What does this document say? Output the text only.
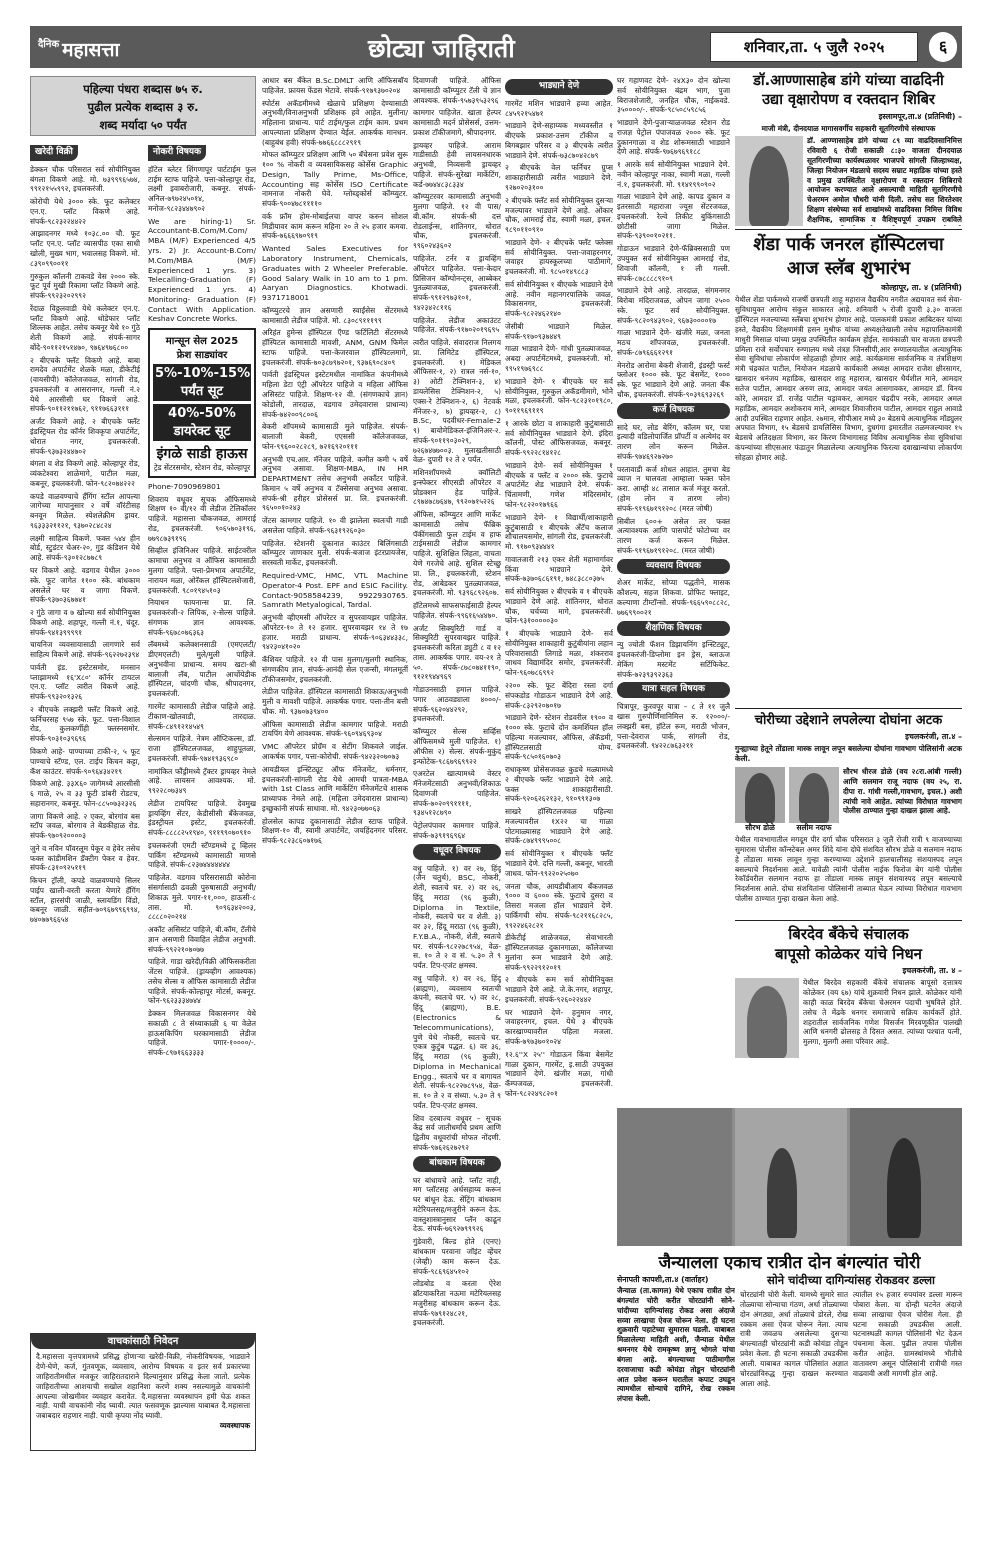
$^{दैनिक}$ महासत्ता	छोट्या जाहिराती	शनिवार,ता. ५ जुलै २०२५	६
पहिल्या पंधरा शब्दास ७५ रु.
पुढील प्रत्येक शब्दास ३ रु.
शब्द मर्यादा ५० पर्यंत
खरेदी विक्री
डेक्कन चौक परिसरात सर्व सोयीनियुक्त बंगला विकणे आहे. मो. ७३९९९६५७४, ९९१२१५५९९२, इचलकरंजी.
कोरोची येथे ३००० स्के. फूट कलेक्टर एन.ए. प्लॉट विकणे आहे. संपर्क-९८२३२२४४२२
आझादनगर मध्ये १०३८.०० चौ. फूट प्लॉट एन.ए. प्लॉट व्यासपीठ एका साधी खोली, मुख्य भाग, भवालसह विकणे. मो. ८३९०९९००११
गुरुकुल कॉलनी टाकवडे वेस २००० स्के. फूट पूर्व मुखी रिकामा प्लॉट विकणे आहे. संपर्क-९९२३२०२९९२
रेंदाळ विठ्ठलवाडी येथे कलेक्टर एन.ए. प्लॉट विकणे आहे. थोडेफार प्लॉट शिल्लक आहेत. तसेच कबनूर येथे १० गुंठे शेती विकणे आहे. संपर्क-सागर बोंदे-९०११२१५१४७०, ९७६४९७६८००
२ बीएचके फ्लॅट विकणे आहे. बाबा रामदेव अपार्टमेंट शेळके मळा, डीकेटीई (वायसीपी) कॉलेजजवळ, सांगली रोड, इचलकरंजी व आसरानगर, गल्ली नं.२ येथे आरसीसी घर विकणे आहे. संपर्क-९०११२११७६२, ९११७६६३१११
अर्जंट विकणे आहे. २ बीएचके फ्लॅट इंडस्ट्रियल रोड कॉर्नर शिवकृपा अपार्टमेंट, थोरात नगर, इचलकरंजी. संपर्क-९३७३२४४७०२
बंगला व शेड विकणे आहे. कोल्हापूर रोड, व्यंकटेश्वरा शाळेमागे, पाटील मळा, कबनूर, इचलकरंजी. फोन-९८२०७४२२२
कपडे वाळवण्याचे हँगिंग स्टॉल आपल्या जागेच्या मापानुसार २ वर्षे वॉरंटीसह बनवून मिळेल. स्पेशलेक्रीम ड्रायर. ९६३३३२११२१, ९३७०२८४८२४
लक्ष्मी साहित्य विकणे. फक्त ५४४ हीन बोर्ड, स्टुडंटर चेअर-२०, गुड कंडिशन येथे आहे. संपर्क-९३०१२८७७८९
घर विकणे आहे. वडगाव येथील ३००० स्के. फूट जागेत ११०० स्के. बांधकाम असलेले घर व जागा विकणे. संपर्क-९३७०३६७७४१
२ गुंठे जागा व ७ खोल्या सर्व सोयीनियुक्त विकणे आहे. शहापूर, गल्ली नं.१, चंदूर. संपर्क-९४१३९९९९१
चायनिज व्यवसायासाठी लागणारे सर्व साहित्य विकणे आहे. संपर्क-९६२२७२३९४
पार्वती इंड. इस्टेटसमोर, मनसान प्लाझामध्ये १६'X८०' कॉर्नर टायटल एन.ए. प्लॉट त्वरीत विकणे आहे. संपर्क-९९३२०१३२६
२ बीएचके लक्झरी फ्लॅट विकणे आहे. फर्निचरसह ९५७ स्के. फूट. पत्ता-विशाल रोड, कुलकर्णीही फ्लस्नसमोर. संपर्क-९०३१०३९६९६
विकणे आहे- पाण्याच्या टाकी-२, ५ फूट पाण्याचे स्टॅण्ड, एल. टाईप किचन कट्टा, कॅश काउंटर. संपर्क-९०९६४३४२१९
विकणे आहे. ३३X६० जागेमध्ये आरसीसी ६ गाळे, २५ व ३३ फूटी डांबरी रोडटच, सहारानगर, कबनूर. फोन-८८५०७३२३२६
जागा विकणे आहे. २ एकर, बोरगांव बस स्टॉप जवळ, बोरगाव ते बेडकीहाळ रोड. संपर्क-९७०९२००००३
जुने व नविन पॉवरलूम पेकूर व हेवेर तसेच फक्त कांडीमशिन डॅक्टीग पेकर व हेवर. संपर्क-८३१०९२५११९
किचन ट्रॉली, कपडे वाळवण्याचे सिलर पाईप खाली-वरती करता येणारे हॅगिंग स्टॉल, हारसंपी जाळी, स्लायडिंग विंडो, कबनूर जाळी. सहीत-७०९६७९९६९९४, ७४०७७९६६५४
नोकरी विषयक
हॉटेल ब्लेटर शिंगणापूर पार्टटाईम फुल टाईम स्टाफ पाहिजे. पत्ता-कोल्हापूर रोड, लक्ष्मी इवाबरोजारी, कबनूर. संपर्क-अनिल-७९७२४५०१४, मनोज-९८२३४४७९०२
We are hiring-1) Sr. Accountant-B.Com/M.Com/ MBA (M/F) Experienced 4/5 yrs. 2) Jr. Account-B.Com/ M.Com/MBA (M/F) Experienced 1 yrs. 3) Telecalling-Graduation (F) Experienced 1 yrs. 4) Monitoring- Graduation (F) Contact With Application. Keshav Concrete Works.
मान्सून सेल 2025
फ्रेश साड्यांवर
5%-10%-15% पर्यंत सूट
40%-50% डायरेक्ट सूट
इंगळे साडी हाऊस
ट्रेड सेंटरसमोर, स्टेशन रोड, कोल्हापूर
Phone-7090969801
शिवराय वधूवर सूचक ऑफिसमध्ये शिक्षण १० वी/१२ वी लेडीज टेलिकॉलर पाहिजे. महासत्ता चौकजवळ, आमराई रोड, इचलकरंजी. ९०६५७०३१९६, ७७९८७३९१९६
सिव्हील इंजिनिअर पाहिजे. साईटवरील कामाचा अनुभव व ऑफिस कामासाठी मुलगा पाहिजे. पत्ता-प्रेमभाव अपार्टमेंट, नारायन मळा, ओरॅकल हॉस्पिटलशेजारी, इचलकरंजी. ९८०१९४५१०३
नियाधन फायनान्स प्रा. लि. इचलकरंजी-२ लिपिक, २-सेल्स पाहिजे. संगणक ज्ञान आवश्यक. संपर्क-९६७८०७६३६३
लॅबमध्ये कलेक्शनसाठी (एमएलटी/डीएमएलटी) मुले/मुली पाहिजे. अनुभवीना प्राधान्य. समय खटा-श्री बालाजी लॅब, पाटील आर्चोयेडीक हॉस्पिटल, चांदणी चौक, श्रीपादनगर, इचलकरंजी.
गारमेंट कामासाठी लेडीज पाहिजे आहे. टीकाण-खोतवाडी, तारदाळ. संपर्क-८४९१२१४५४९
सेल्समन पाहिजे. नेत्रम ऑप्टिकल्स, डॉ. राजा हॉस्पिटलजवळ, शाहुपूतळा, इचलकरंजी. संपर्क-९७४१९३६९८०
नामांकित फौंड्रीमध्ये ट्रॅक्टर ड्रायव्हर नेमले आहे. लायसन आवश्यक. मो. ९९२२८०७३४९
लेडीज टायपिस्ट पाहिजे. देवमुख ड्रायव्हिंग सेंटर, केडीसीसी बँकेजवळ, इंडस्ट्रीयल इस्टेट, इचलकरंजी. संपर्क-८८८८२५१९४०, ९११९९०७०९१०
इचलकरंजी एमटी स्टॅण्डमध्ये टू व्हिलर पार्किंग स्टॅण्डमध्ये कामासाठी माणसे पाहिजे. संपर्क-८२३७४४४४४४४
पाहिजेत. वडगाव परिसरासाठी कोरोना संसर्गासाठी ढवळी पुरुषासाठी अनुभवी/शिकाऊ मुले. पगार-११,०००, हाऊसी-८ तास. मो. ९०९६३४२००३, ८८८८०२०२१४
अकॉट असिस्टंट पाहिजे, बी.कॉम, टॅलीचे ज्ञान असणारी विवाहित लेडीज अनुभवी. संपर्क-९९२२१०७०७७
पाहिजे. गाडा खरेदी/विक्री ऑफिसकरीता जेंटस पाहिजे. (ड्रायव्हीग आवश्यक) तसेच सेल्स व ऑफिस कामासाठी लेडीज पाहिजे. संपर्क-कोल्हापूर मोटर्स, कबनूर. फोन-९६२३३३४७४४
डेक्कन मिलजवळ विकासनगर येथे सकाळी ८ ते संध्याकाळी ६ या वेळेत हाऊसकिपिंग घरकामासाठी लेडीज पाहिजे. पगार-१००००/-. संपर्क-८९७१६६३३३३
आधार बस बँकेत B.Sc.DMLT आणि ऑफिसबॉय पाहिजेत. फ्रायस फेंडस भेटावे. संपर्क-९१७९३७०२०४
स्पोर्टस अकॅडमीमध्ये खेळाचे प्रशिक्षण देण्यासाठी अनुभवी/विनाअनुभवी प्रशिक्षक हवे आहेत. मुलीना/महिलाना प्राधान्य. पार्ट टाईम/फुल टाईम काम. प्रथम आपल्याला प्रशिक्षण देण्यात येईल. आकर्षक मानधन. (बाहुबंध हवी) संपर्क-७७६६८८८२९१९
मोफत कॉम्प्युटर प्रशिक्षण आणि ५० बॅचेसना प्रवेश सुरू १०० % नोकरी व व्यवसायिकसह कोर्सेस Graphic Design, Tally Prime, Ms-Office, Accounting सह कोर्सेस ISO Certificate नामनाज नोकरी घेवे. ग्लोब्ड्कोर्स कॉम्प्युटर. संपर्क-९००४७८११११०
वर्क फ्रॉम होम-मोबाईलचा वापर करुन सोशल मिडीयावर काम करून महिना २० ते २५ हजार कमवा. संपर्क-७६६६९७०९१९
Wanted Sales Executives for Laboratory Instrument, Chemicals, Graduates with 2 Wheeler Preferable. Good Salary Walk in 10 am to 1 pm. Aaryan Diagnostics. Khotwadi. 9371718001
कॉम्प्युटरचे ज्ञान असणारी स्वाईंसेस सेंटरमध्ये कामासाठी लेडीज पाहिजे. मो. ८३०८९१११९९
अरिहंत हुमेन्स हॉस्पिटल ऍण्ड फर्टिलिटी सेंटरमध्ये हॉस्पिटल कामासाठी मावशी, ANM, GNM फिमेल स्टाफ पाहिजे. पत्ता-केजरवाल हॉस्पिटलमागे, इचलकरंजी. संपर्क-७०३८७९७२०१, ९३७६९०८४०९
पार्वती इंडस्ट्रियल इस्टेटमधील नामांकित कंपनीमध्ये महिला डेटा एंट्री ऑपरेटर पाहिजे व महिला ऑफिस असिस्टंट पाहिजे. शिक्षण-१२ वी. (संगणकाचे ज्ञान) कोडोली, तारदाळ, वडगाव उमेदवारास प्राधान्य) संपर्क-७४२००९८००६
बेकरी शॉपमध्ये कामासाठी मुले पाहिजेत. संपर्क-बालाजी बेकरी, एएससी कॉलेजजवळ, फोन-९९६००२८२८९, ७२१६९२०१११
अनुभवी एच.आर. मॅनेजर पाहिजे. कमीत कमी ५ वर्षे अनुभव असावा. शिक्षण-MBA, IN HR DEPARTMENT तसेच अनुभवी अकॉंटर पाहिजे. किमान ५ वर्षे अनुभव व टॅक्सेसचा अनुभव असावा. संपर्क-श्री हरीहर प्रोसेसर्स प्रा. लि. इचलकरंजी. ९६५००१०२४३
जेंटस कामगार पाहिजे. १० वी झालेला स्वतःची गाडी असलेला पाहिजे. संपर्क-९६३१९२६०३०
पाहिजेत. स्टेशनरी दुकानात काउंटर बिलिंगसाठी कॉम्प्युटर जाणकार मुली. संपर्क-बजाज इंटरप्रायजेस, सरस्वती मार्केट, इचलकरंजी.
Required-VMC, HMC, VTL Machine Operator-4 Post. EPF and ESIC Facility. Contact-9058584239, 9922930765. Samrath Metyalogical, Tardal.
अनुभवी व्हीएमसी ऑपरेटर व सुपरवायझर पाहिजेत. ऑपरेटर-१० ते १२ हजार. सुपरवायझर १४ ते १७ हजार. मराठी प्राधान्य. संपर्क-९०६३४४३३८, ९४२३०४१०२०
कॅशियर पाहिजे. १२ वी पास मुलगा/मुलगी स्थानिक, संगणकीय ज्ञान, संपर्क-आनंदी सेल एजन्सी, मंगलमूर्ती टॉकीजसमोर, इचलकरंजी.
लेडीज पाहिजेत. हॉस्पिटल कामासाठी शिकाऊ/अनुभवी मुली व मावशी पाहिजे. आकर्षक पगार. पत्ता-तीन बत्ती चौक. मो. ९३७०७३९४००
ऑफिस कामासाठी लेडीज कामगार पाहिजे. मराठी टायपिंग येणे आवश्यक. संपर्क-९६०९४६९३०४
VMC ऑपरेटर प्रोग्रॅम व सेटींग शिकवले जाईल. आकर्षक पगार, पत्ता-कोरोची. संपर्क-९४२३२०७०७३
आयडीयल इन्स्टिट्यूट ऑफ मॅनेजमेंट, धर्मनगर, इचलकरंजी-सांगली रोड येथे आमची पात्रता-MBA with 1st Class आणि मार्केटिंग मॅनेजमेंटचे शासक प्राध्यापक नेमले आहे. (महिला उमेदवारास प्राधान्य) इच्छुकांनी संपर्क साधावा. मो. ९४२३०७७०६३
होलसेल कापड दुकानासाठी लेडीज स्टाफ पाहिजे. शिक्षण-१० वी, स्वामी अपार्टमेंट, जयहिंदनगर परिसर. संपर्क-९८२३८६०७१७६
दिवाणजी पाहिजे. ऑफिस कामासाठी कॉम्प्युटर टॅली चे ज्ञान आवश्यक. संपर्क-९५७३९५३२९६
कामगार पाहिजेत. खाता हेल्पर कामासाठी मदर्न प्रोसेसर्स, उत्तम-प्रकाश टॉकीजमागे, श्रीपादनगर.
ड्रायव्हर पाहिजे. आराम गाडीसाठी हेवी लायसनधारक अनुभवी, निव्यसनी ड्रायव्हर पाहिजे. संपर्क-सुरेखा मार्केटिंग, कर्ड-७७४४८३८३३४
कॉम्प्युटरवर कामासाठी अनुभवी मुलगा पाहिजे. १२ वी पास/बी.कॉम. संपर्क-श्री दत्त रोडलाईन्स, शांतिनगर, थोरात चौक, इचलकरंजी. ९९६०२४३६०२
पाहिजेत. टर्नर व ड्रायव्हिंग ऑपरेटर पाहिजेत. पत्ता-केदार प्रिसिजन कॉम्पोनन्ट्स, आब्बेकर पुतळ्याजवळ, इचलकरंजी. संपर्क-९९१२९७३१०१, ९४२३४२८११६
पाहिजेत. लेडीज अकाउंटट पाहिजेत. संपर्क-९१७०२०१९६९५
त्वरीत पाहिजे. संवादराज निलगय प्रा. लिमिटेड हॉस्पिटल, इचलकरंजी. १) मेडिकल ऑफिसर-१, २) रात्रल नर्स-१०, ३) ओटी टेक्निशन-३, ४) डायलेसिस टेक्निशन-२, ५) एक्स-रे टेक्निशन-२, ६) नेटवर्क मॅनेजर-२, ७) ड्रायव्हर-२, ८) B.Sc, पदवीधर-Female-2 ९) बायोमेडिकल-इंजिनिअर-२. संपर्क-९०११९०३०२९, ७२६७४७७००३. मुलाखतीसाठी वेळ- दुपारी १२ ते २ पर्यंत.
मशिनशॉपमध्ये क्वॉलिटी इन्स्पेक्टर सीएसडी ऑपरेटर व प्रोडक्शन हेड पाहिजे. ८९७४७८७६४७, ९९२०७१५२२६
ऑफिस, कॉम्प्युटर आणि मार्केट कामासाठी तसेच फॅब्रिक पॅकींगसाठी फुल टाईम व हाफ टाईमसाठी लेडीज कामगार पाहिजे. सुशिक्षित लिहता, वाचता येणे गरजेचे आहे. सुशिल स्टेच्छु प्रा. लि., इचलकरंजी, स्टेशन रोड, आबेडकर पुतळ्याजवळ, इचलकरंजी. मो. ९३९६८९२६०७.
हॉटेलमध्ये साफसफाईसाठी हेल्पर पाहिजेत. संपर्क-९९६१६५४४७०.
अर्जंट सिक्युरिटी गार्ड व सिक्युरिटी सुपरवायझर पाहिजे. इचलकरंजी करिता ड्युटी ८ व १२ तास. आकर्षक पगार. वय-२१ ते ५०. संपर्क-८७८०७४११९०, ९१२१९४४९६९
गोडाउनसाठी हमाल पाहिजे. पगार आठवड्याला ४०००/- संपर्क-९६२०४४२९२, इचलकरंजी.
कॉम्प्युटर सेल्स सर्व्हिस ऑफिसमध्ये मुली पाहिजेत. १) ऑफीस २) सेल्स. संपर्क-मुकुंद इन्फोटेक-९८६७९६९९२२
एअरटेल खात्यामध्ये वेस्टर मॅनेजमेंटसाठी अनुभवी/शिकाऊ दिवाणजी पाहिजेत. संपर्क-७०२०९९११११, ९३४५१२८७९०
पेट्रोलपंपावर कामगार पाहिजे. संपर्क-७३९१९६९६४
वधूवर विषयक
वधु पाहिजे. १) वर २७, हिंदू (जैन चतुर्थ), BSC, नोकरी, शेती, स्वतःचे घर. २) वर २६, हिंदू मराठा (९६ कुळी), Diploma in Textile, नोकरी, स्वतःचे घर व शेती. ३) वर ३२, हिंदू मराठा (९६ कुळी), F.Y.B.A., नोकरी, शेती, स्वतःचे घर. संपर्क-९८२२७८९५४, वेळ-स. १० ते २ व सं. ५.३० ते ९ पर्यंत. टिप-एजंट क्षमस्व.
वधु पाहिजे. १) वर २६, हिंदू (ब्राह्मण), व्यवसाय स्वतःची कंपनी, स्वतःचे घर. ५) वर २८, हिंदू (ब्राह्मण), B.E. (Electronics & Telecommunications), पुणे येथे नोकरी, स्वतःचे घर. एकत्र कुटुंब पद्धत. ६) वर ३६, हिंदू मराठा (९६ कुळी), Diploma in Mechanical Engg., स्वतःचे घर व बागायत शेती. संपर्क-९८२२७८९५४, वेळ-स. १० ते २ व संध्या. ५.३० ते ९ पर्यंत. टिप-एजंट क्षमस्व.
शिव दरबाज्य वधूवर – सूचक केंद्र सर्व जातीधर्मांचे प्रथम आणि द्वितीय वधूवरांची मोफत नोंदणी. संपर्क-९७६२६२७२९२
बांधकाम विषयक
घर बांधायचे आहे. प्लॉट नाही, मग प्लॉटसह अर्धसहाय्य करून घर बांधून देऊ. सेंट्रिंग बांधकाम मटेरियलसह/मजुरीने करून देऊ. वास्तुशास्त्रानुसार प्लॅन काढून देऊ. संपर्क-७६९२७९९९२६
गुंडेवारी, बिल्ड होते (एनए) बांधकाम परवाना जॉइंट व्हेंचर (जेव्ही) काम करून देऊ. संपर्क-९८६९६४५१०२
लोडबोड व करता ऐरेश ब्रॉटयाकरिता नऊमा मटेरियलसह मजुरीसह बांधकाम करून देऊ. संपर्क-९७९१२४८२१, इचलकरंजी.
भाड्याने देणे
गारमेंट मशिन भाड्याने हव्या आहेत. ८४५९२१५४७१
भाड्याने देणे-सहाय्यक मध्यवस्तीत १ बीएचके प्रकाश-उत्तम टॉकीज व बिगबझार परिसर व ३ बीएचके त्वरीत भाड्याने देणे. संपर्क-७३८७०४२८७९
२ बीएचके वेल फर्निचर ग्रुप्स शाकाहारीसाठी त्वरीत भाड्याने देणे. ९२७०२०३१००
२ बीएचके फ्लॅट सर्व सोयीनियुक्त दुसऱ्या मजल्यावर भाड्याने देणे आहे. ओंकार चौक, आमराई रोड, स्वामी मळा, इचल. ९८९०११०९१०
भाड्याने देणे- २ बीएचके फ्लॅट फ्लेक्स सर्व सोयीनियुक्त. पत्ता-जवाहरनगर, जवाहर हायस्कूलच्या पाठीमागे, इचलकरंजी. मो. ९८५०१४९८८३
सर्व सोयीनियुक्त १ बीएचके भाड्याने देणे आहे. नवीन महानगरपालिके जवळ, विकासनगर, इचलकरंजी. संपर्क-९८२२४६२१४०
जेसीबी भाड्याने मिळेल. संपर्क-९१७०९३७४४९
गाळा भाड्याने देणे- गांधी पुतळ्याजवळ, अबदा अपार्टमेंटमध्ये, इचलकरंजी. मो. ९९५१९७६९८८
भाड्याने देणे- १ बीएचके घर सर्व सोयीनियुक्त, गुरुकुल अकॅडमीमागे, भोने मळा, इचलकरंजी. फोन-९८२३१०१९८०, ९०११९६९११९
१ आरके छोटा व शाकाहारी कुटुंबासाठी सर्व सोयीनियुक्त भाड्याने देणे. इंदिरा कॉलनी, पोस्ट ऑफिसजवळ, कबनूर. संपर्क-९९२२८१४१२८
भाड्याने देणे- सर्व सोयीनियुक्त १ बीएचके व फ्लॅट व २००० स्के. फुटाचे अपार्टमेंट शेड भाड्याने देणे. संपर्क-चिंतामणी, गणेश मंदिरसमोर, फोन-९८२२०१७९६६
भाड्याने देणे- १ विद्यार्थी/शाकाहारी कुटुंबासाठी १ बीएचके अँटॅच कलाज शौचालयसमोर, सांगली रोड, इचलकरंजी. मो. ९१७०९३४४४१
गावातजारी २१३ एकर शेती महामार्गावर किंवा भाड्याने देणे. संपर्क-७३७०६८६१९१, ७४८३८८०३७५
सर्व सोयीनियुक्त २ बीएचके व १ बीएचके भाड्याने देणे आहे. शांतिनगर, थोरात चौक, चर्चच्या मागे, इचलकरंजी. फोन-९३१०००००३०
१ बीएचके भाड्याने देणे- सर्व सोयीनियुक्त शाकाहारी कुटुंबीयांना लहान परिवारासाठी लिगाडे मळा, शंकरराव जाधव विद्यामंदिर समोर, इचलकरंजी. फोन-९६०७८६९९२
२२०० स्के. फूट बेंदिरा रस्ता दर्गा संपकडोड गोडाऊन भाड्याने देणे आहे. संपर्क-८३२९२०७०१७
भाड्याने देणे- स्टेशन रोडवरील १९०० व १००० स्के. फुटाचे दोन कमर्शियल हॉल पहिल्या मजल्यावर, ऑफिस, ॲकॅडमी, हॉस्पिटलसाठी योग्य. संपर्क-९८५०१६०७०३
राधाकृष्ण प्रोसेसजवळ कुडचे मळ्यामध्ये २ बीएचके फ्लॅट भाड्याने देणे आहे. फक्त शाकाहारीसाठी. संपर्क-९२०६२६२१३२, ९१०९९१३०७
साखरे हॉस्पिटलजवळ पहिल्या मजल्यावरील १X२२ चा गाळा पोटमाळ्यासह भाड्याने देणे आहे. संपर्क-८७४९९९५००८
सर्व सोयीनियुक्त १ बीएचके फ्लॅट भाड्याने देणे. दत्ति गल्ली, कबनूर, भारती जाधव. फोन-९९२२०२५०७०
जनता चौक, आयडीबीआय बँकजवळ ९००० व ६००० स्के. फुटाचे दुसरा व तिसरा मजला हॉल भाड्याने देणे. पार्किंगची सोय. संपर्क-९८२११६८२८५, ९९२२४६२८२१
डीकेटीई शाळेजवळ, सेवाभारती हॉस्पिटलजवळ दुकानगाळा, कॉलेजच्या मुलांना रूम भाड्याने देणे आहे. संपर्क-९९२२९१२०१९
२ बीएचके रूम सर्व सोयीनियुक्त भाड्याने देणे आहे. जे.के.नगर, शहापूर, इचलकरंजी. संपर्क-९२६०२२४४२
घर भाड्याने देणे- हनुमान नगर, जवाहरनगर, इचल. येथे ३ बीएचके कारखाण्यावरील पहिला मजला. संपर्क-७९७३७०१०२४
१२.६''X २५'' गोडाऊन किंवा बेसमेंट गाळा दुकान, गारमेंट, इ.साठी उपयुक्त भाड्याने देणे. खंजीर मळा, गांधी कॅम्पजवळ, इचलकरंजी. फोन-९८२२४९८२०१
घर गहाणवट देणे- २४X३० दोन खोल्या सर्व सोयीनियुक्त बंद्रम भाग, पुजा बिराजशेजारी, जनहित चौक, नाईकवडे. ३५००००/-. संपर्क-९८५०८५९८५६
भाड्याने देणे-पुजाऱ्याळजवळ स्टेशन रोड राजज्ञ पेट्रोल पंपाजवळ २००० स्के. फूट दुकानगाळा व शेड शोरूमसाठी भाड्याने देणे आहे. संपर्क-९७६७९६९१८८
१ आरके सर्व सोयीनियुक्त भाड्याने देणे. नवीन कोल्हापूर नाका, स्वामी मळा, गल्ली नं.१, इचलकरंजी. मो. ९१४१९९०९०२
गाळा भाड्याने देणे आहे. कापड दुकान व इतरसाठी महाराजा ज्यूस सेंटरजवळ, इचलकरंजी. रेल्वे तिकीट बुकिंगसाठी छोटीसी जागा मिळेल. संपर्क-९३९००१०२११.
गोडाऊन भाड्याने देणे-फॅब्रिक्ससाठी पण उपयुक्त सर्व सोयीनियुक्त आमराई रोड, शिवाजी कॉलनी, १ ली गल्ली. संपर्क-८७८८८८९१०९
भाड्याने देणे आहे. तारदाळ, संगमनगर बिरोबा मंदिराजवळ, ओपन जागा २५०० स्के. फूट सर्व सोयीनियुक्त. संपर्क-९८२०९४३९०२, ९६७३००००१७
गाळा भाड्याने देणे- खंजीरे मळा, जनता मठच शॉपजवळ, इचलकरंजी. संपर्क-८७९६६६१२९१
मेनरोड आरोमा बेकरी शेजारी, इंडस्ट्री फर्स्ट फ्लोअर १००० स्के. फूट बेसमेंट, १००० स्के. फूट भाड्याने देणे आहे. जनता बँक चौक, इचलकरंजी. संपर्क-९०३९६९३२६९
कर्ज विषयक
सादे घर, लोड बेरिंग, कॉलम घर, पत्रा इत्यादी वडिलोपार्जित प्रॉपर्टी व अत्येमंद वर तारण लोन करून मिळेल. संपर्क-९७४६९२७२७०
परतावाडी कर्ज शोधत आहात. तुमचा बेड व्याज न घालवता आम्हाला फक्त फोन करा. आम्ही ४८ तासात कर्ज मंजूर करतो. (होम लोन व तारण लोन) संपर्क-९१९६७१९१२०८ (मरत जोषी)
सिबील ६००+ असेल तर फक्त अत्यावश्यक आणि पासपोर्ट फोटोच्या वर तारण कर्ज करून मिळेल. संपर्क-९१९६७१९१२०८. (मरत जोषी)
व्यवसाय विषयक
शेअर मार्केट, सोप्या पद्धतीने, मासक कौशल्य, सहज शिकवा. प्रोफिट फ्लाइट, कल्याणा टीम्टॉन्सो. संपर्क-९६६५९०८८२८, ७७६९९००२१
शैक्षणिक विषयक
न्यु ज्योती फॅशन डिझायनिंग इन्स्टिट्यूट, इचलकरंजी-डिप्लोमा इन ड्रेस, ब्लाऊज मेकिंग मस्टमेंट सर्टिफिकेट. संपर्क-७२३९३९२३६३
यात्रा सहल विषयक
चित्रापूर, कुरवपूर यात्रा – ८ ते ११ जुलै खास गुरुपौर्णिमानिमित्त रु. १२०००/- लक्झरी बस, हॉटेल रूम, मराठी भोजन, पत्ता-देवराज पार्क, सांगली रोड, इचलकरंजी. ९४२२८७६३२११
वाचकांसाठी निवेदन
दै.महासत्ता वृत्तपत्रामध्ये प्रसिद्ध होणाऱ्या खरेदी-विक्री, नोकरीविषयक, भाड्याने देणे-घेणे, कर्ज, गुंतवणूक, व्यवसाय, आरोग्य विषयक व इतर सर्व प्रकारच्या जाहिरातीमधील मजकूर जाहिरातदाराने दिल्यानुसार प्रसिद्ध केला जातो. प्रत्येक जाहिरातीच्या आशयाची सखोल शहानिशा करणे शक्य नसल्यामुळे वाचकांनी आपल्या जोखमीवर व्यवहार करावेत. दै.महासत्ता व्यवस्थापन हमी घेऊ शकत नाही. याची वाचकांनी नोंद घ्यावी. त्यात फसवणूक झाल्यास याबाबत दै.महासत्ता जबाबदार राहणार नाही. याची कृपया नोंद घ्यावी.
व्यवस्थापक
डॉ.आण्णासाहेब डांगे यांच्या वाढदिनी
उद्या वृक्षारोपण व रक्तदान शिबिर
इस्लामपूर,ता.४ (प्रतिनिधी) –
माजी मंत्री, दीनदयाळ मागासवर्गीय सहकारी सूतगिरणीचे संस्थापक
डॉ. आण्णासाहेब डांगे यांच्या ८९ व्या वाढदिवसानिमित्त रविवारी ६ रोजी सकाळी ८:३० वाजता दीनदयाळ सूतगिरणीच्या कार्यस्थळावर भाजपचे सांगली जिल्हाध्यक्ष, जिल्हा नियोजन मंडळाचे सदस्य सम्राट महाडिक यांच्या हस्ते व प्रमुख उपस्थितीत वृक्षारोपण व रक्तदान शिबिराचे आयोजन करण्यात आले असल्याची माहिती सूतगिरणीचे चेअरमन अमोल चौधरी यांनी दिली. तसेच सत शिरतेश्वर शिक्षण संस्थेच्या सर्व शाखांमध्ये वाढदिवसा निमित्त विविध शैक्षणिक, सामाजिक व वैशिष्ट्यपूर्ण उपक्रम राबविले
शेंडा पार्क जनरल हॉस्पिटलचा
आज स्लॅब शुभारंभ
कोल्हापूर, ता. ४ (प्रतिनिधी)
येथील शेंडा पार्कमध्ये राजर्षी छत्रपती शाहू महाराज वैद्यकीय नगरीत अद्ययावत सर्व सेवा- सुविधायुक्त आरोग्य संकुल साकारत आहे. शनिवारी ५ रोजी दुपारी ३.३० वाजता हॉस्पिटल मजल्याच्या स्लॅबचा शुभारंभ होणार आहे. पालकमंत्री प्रकाश आबिटकर यांच्या हस्ते, वैद्यकीय शिक्षणमंत्री हसन मुश्रीफ यांच्या अध्यक्षतेखाली तसेच महापालिकामंत्री माधुरी मिसाळ यांच्या प्रमुख उपस्थितीत कार्यक्रम होईल. सायंकाळी चार वाजता छत्रपती प्रमिला राजे सर्वोपचार रुग्णालय मध्ये तंत्रज्ञ जिनसीपी,आर रुग्णालयातील अत्याधुनिक सेवा सुविधांचा लोकार्पण सोहळाही होणार आहे. कार्यक्रमास सार्वजनिक व तंत्रशिक्षण मंत्री चंद्रकांत पाटील, नियोजन मंडळाचे कार्यकारी अध्यक्ष आमदार राजेश क्षीरसागर, खासदार धनंजय महाडिक, खासदार शाहू महाराज, खासदार धैर्यशील माने, आमदार सतेज पाटील, आमदार अरुण लाड, आमदार जयंत आसगावकर, आमदार डॉ. विनय कोरे, आमदार डॉ. राजेंद्र पाटील यड्रावकर, आमदार चंद्रदीप नरके, आमदार अमल महाडिक, आमदार अशोकराव माने, आमदार शिवाजीराव पाटील, आमदार राहुल आवाडे आदी उपस्थित राहणार आहेत. २७मान, सीपीआर मध्ये ३० बेडसचे अत्याधुनिक मॉड्युलर अपघात विभाग, १५ बेडसचे डायलिसिस विभाग, दुधगंगा इमारतीत तळमजल्यावर १५ बेडसचे अतिदक्षता विभाग, कर किरण विभागासह विविध अत्याधुनिक सेवा सुविधांचा कंपन्यांच्या सीएसआर फंडातून मिळालेल्या अत्याधुनिक फिरत्या दवाखान्यांचा लोकार्पण सोहळा होणार आहे.
चोरीच्या उद्देशाने लपलेल्या दोघांना अटक
इचलकरंजी, ता.४ –
गुन्ह्याच्या हेतूने तोंडाला मास्क लावून लपून बसलेल्या दोघांना गावभाग पोलिसांनी अटक केली.
सौरभ डोळे	सलीम नदाफ
सौरभ धीरज डोळे (वय २८रा.आंबी गल्ली) आणि सलमान राजू नदाफ (वय २५, रा. दीपा रा. गांधी गल्ली,गावभाग, इचल.) अशी त्यांची नावे आहेत. त्यांच्या विरोधात गावभाग पोलीस ठाण्यात गुन्हा दाखल झाला आहे.
येथील गावभागातील मगदूम पीर दर्गा चौक परिसरात ३ जुलै रोजी रात्री ९ वाजण्याच्या सुमारास पोलीस कॉन्स्टेबल अमर शिंदे यांना दोघे संशयित सौरभ डोळे व सलमान नदाफ हे तोंडाला मास्क लावून गुन्हा करण्याच्या उद्देशाने हालचालीसह संशयास्पद लपून बसल्याचे निदर्शनास आले. यावेळी त्यांनी पोलीस नाईक फिरोज बेग यांनी पोलीस रेकॉर्डवरील सलमान नदाफ हा तोंडाला मास्क लावून संशयास्पद लपून बसल्याचे निदर्शनास आले. दोघा संशयितांना पोलिसांनी ताब्यात घेऊन त्यांच्या विरोधात गावभाग पोलीस ठाण्यात गुन्हा दाखल केला आहे.
बिरदेव बँकेचे संचालक
बापूसो कोळेकर यांचे निधन
इचलकरंजी, ता. ४ –
येथील बिरदेव सहकारी बँकेचे संचालक बापूसो दत्तात्रय कोळेकर (वय ६७) यांचे शुक्रवारी निधन झाले. कोळेकर यांनी काही काळ बिरदेव बँकेचा चेअरमन पदाची भुषविले होते. तसेच ते मेंढके धनगर समाजाचे सक्रिय कार्यकर्ते होते. शहरातील सार्वजनिक गणेश विसर्जन मिरवणूकीत पालखी आणि धनगरी ढोलसह ते दिसत असत. त्यांच्या पश्चात पत्नी, मुलगा, मुलगी असा परिवार आहे.
जैन्यालला एकाच रात्रीत दोन बंगल्यांत चोरी
सेनापती कापशी,ता.४ (वार्ताहर)
जैन्याळ (ता.कागल) येथे एकाच रात्रीत दोन बंगल्यांत चोरी करीत चोरट्यांनी सोने-चांदीच्या दागिन्यांसह रोकड असा अंदाजे सव्वा लाखाचा ऐवज चोरून नेला. ही घटना शुक्रवारी पहाटेच्या सुमारास घडली. याबाबत मिळालेल्या माहिती अशी, जैन्याळ येथील श्रमनगर येथे रामकृष्ण ज्ञानू भोगले यांचा बंगला आहे. बंगल्याच्या पाठीमागील दरवाजाचा कडी कोयंडा तोडून चोरट्यांनी आत प्रवेश करून घरातील कपाट उघडून त्यामधील सोन्याचे दागिने, रोख रक्कम लंपास केली.
सोने चांदीच्या दागिन्यांसह रोकडवर डल्ला
चोरट्यांनी चोरी केली. यामध्ये सुमारे सात तोळ्याचा सोन्याचा गंठण, अर्धा तोळ्याच्या दोन अंगठ्या, अर्धा तोळ्याचे डोरले, रोख रक्कम असा ऐवज चोरून नेला. त्याच रात्री जवळच असलेल्या दुसऱ्या बंगल्यातही चोरट्यांनी कडी कोयंडा तोडून प्रवेश केला. ही घटना सकाळी उघडकीस आली. याबाबत कागल पोलिसांत अज्ञात चोरट्यांविरुद्ध गुन्हा दाखल करण्यात आला आहे.
त्यातील १५ हजार रुपयांवर डल्ला मारून पोबारा केला. या दोन्ही घटनेत अंदाजे सव्वा लाखाचा ऐवज चोरीस गेला. ही घटना सकाळी उघडकीस आली. घटनास्थळी कागल पोलिसांनी भेट देऊन पंचनामा केला. पुढील तपास पोलीस करीत आहेत. ग्रामस्थांमध्ये भीतीचे वातावरण असून पोलिसांनी रात्रीची गस्त वाढवावी अशी मागणी होत आहे.
